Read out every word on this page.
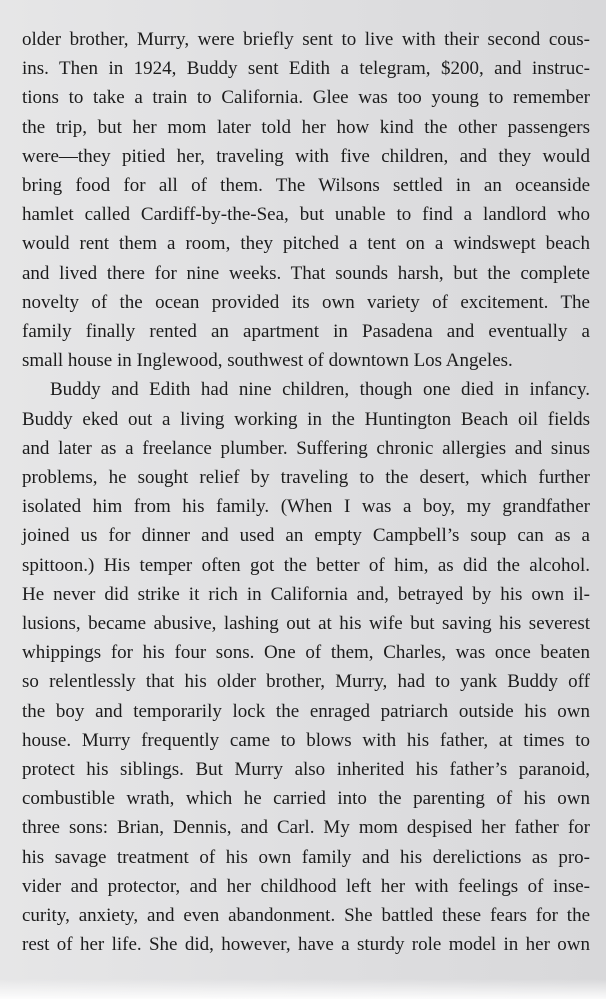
older brother, Murry, were briefly sent to live with their second cous-
ins. Then in 1924, Buddy sent Edith a telegram, $200, and instruc-
tions to take a train to California. Glee was too young to remember
the trip, but her mom later told her how kind the other passengers
were—they pitied her, traveling with five children, and they would
bring food for all of them. The Wilsons settled in an oceanside
hamlet called Cardiff-by-the-Sea, but unable to find a landlord who
would rent them a room, they pitched a tent on a windswept beach
and lived there for nine weeks. That sounds harsh, but the complete
novelty of the ocean provided its own variety of excitement. The
family finally rented an apartment in Pasadena and eventually a
small house in Inglewood, southwest of downtown Los Angeles.
Buddy and Edith had nine children, though one died in infancy.
Buddy eked out a living working in the Huntington Beach oil fields
and later as a freelance plumber. Suffering chronic allergies and sinus
problems, he sought relief by traveling to the desert, which further
isolated him from his family. (When I was a boy, my grandfather
joined us for dinner and used an empty Campbell’s soup can as a
spittoon.) His temper often got the better of him, as did the alcohol.
He never did strike it rich in California and, betrayed by his own il-
lusions, became abusive, lashing out at his wife but saving his severest
whippings for his four sons. One of them, Charles, was once beaten
so relentlessly that his older brother, Murry, had to yank Buddy off
the boy and temporarily lock the enraged patriarch outside his own
house. Murry frequently came to blows with his father, at times to
protect his siblings. But Murry also inherited his father’s paranoid,
combustible wrath, which he carried into the parenting of his own
three sons: Brian, Dennis, and Carl. My mom despised her father for
his savage treatment of his own family and his derelictions as pro-
vider and protector, and her childhood left her with feelings of inse-
curity, anxiety, and even abandonment. She battled these fears for the
rest of her life. She did, however, have a sturdy role model in her own
